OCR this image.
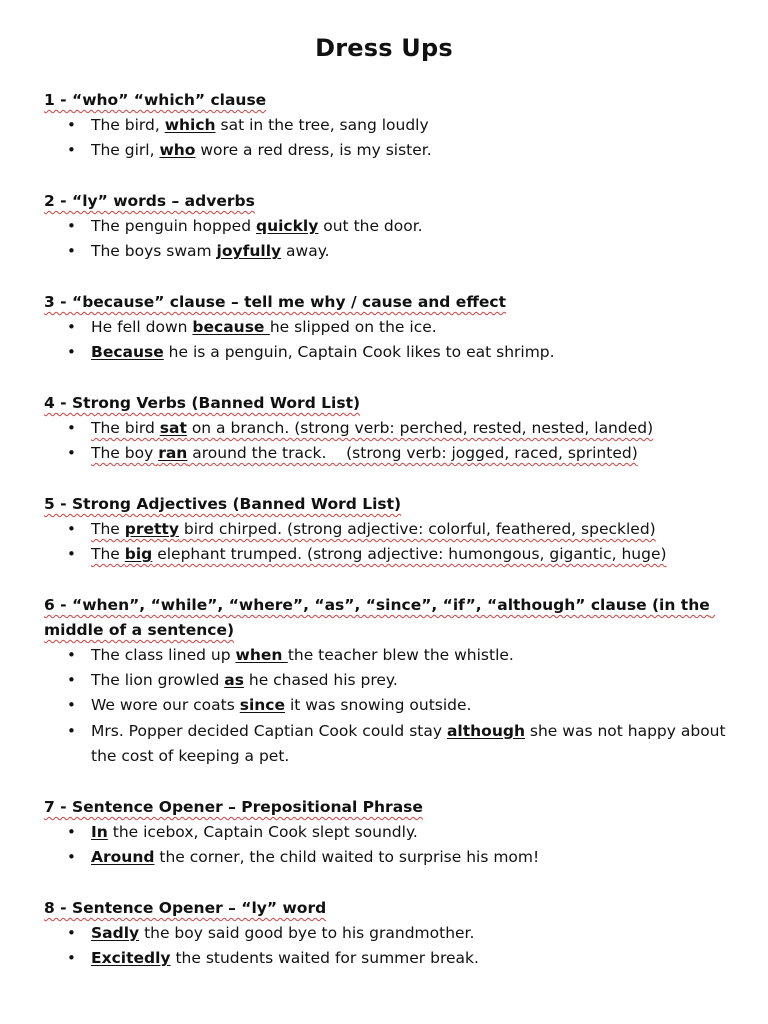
Dress Ups
1 - “who” “which” clause
• The bird, which sat in the tree, sang loudly
• The girl, who wore a red dress, is my sister.
2 - “ly” words – adverbs
• The penguin hopped quickly out the door.
• The boys swam joyfully away.
3 - “because” clause – tell me why / cause and effect
• He fell down because he slipped on the ice.
• Because he is a penguin, Captain Cook likes to eat shrimp.
4 - Strong Verbs (Banned Word List)
• The bird sat on a branch. (strong verb: perched, rested, nested, landed)
• The boy ran around the track.    (strong verb: jogged, raced, sprinted)
5 - Strong Adjectives (Banned Word List)
• The pretty bird chirped. (strong adjective: colorful, feathered, speckled)
• The big elephant trumped. (strong adjective: humongous, gigantic, huge)
6 - “when”, “while”, “where”, “as”, “since”, “if”, “although” clause (in the middle of a sentence)
• The class lined up when the teacher blew the whistle.
• The lion growled as he chased his prey.
• We wore our coats since it was snowing outside.
• Mrs. Popper decided Captian Cook could stay although she was not happy about the cost of keeping a pet.
7 - Sentence Opener – Prepositional Phrase
• In the icebox, Captain Cook slept soundly.
• Around the corner, the child waited to surprise his mom!
8 - Sentence Opener – “ly” word
• Sadly the boy said good bye to his grandmother.
• Excitedly the students waited for summer break.
